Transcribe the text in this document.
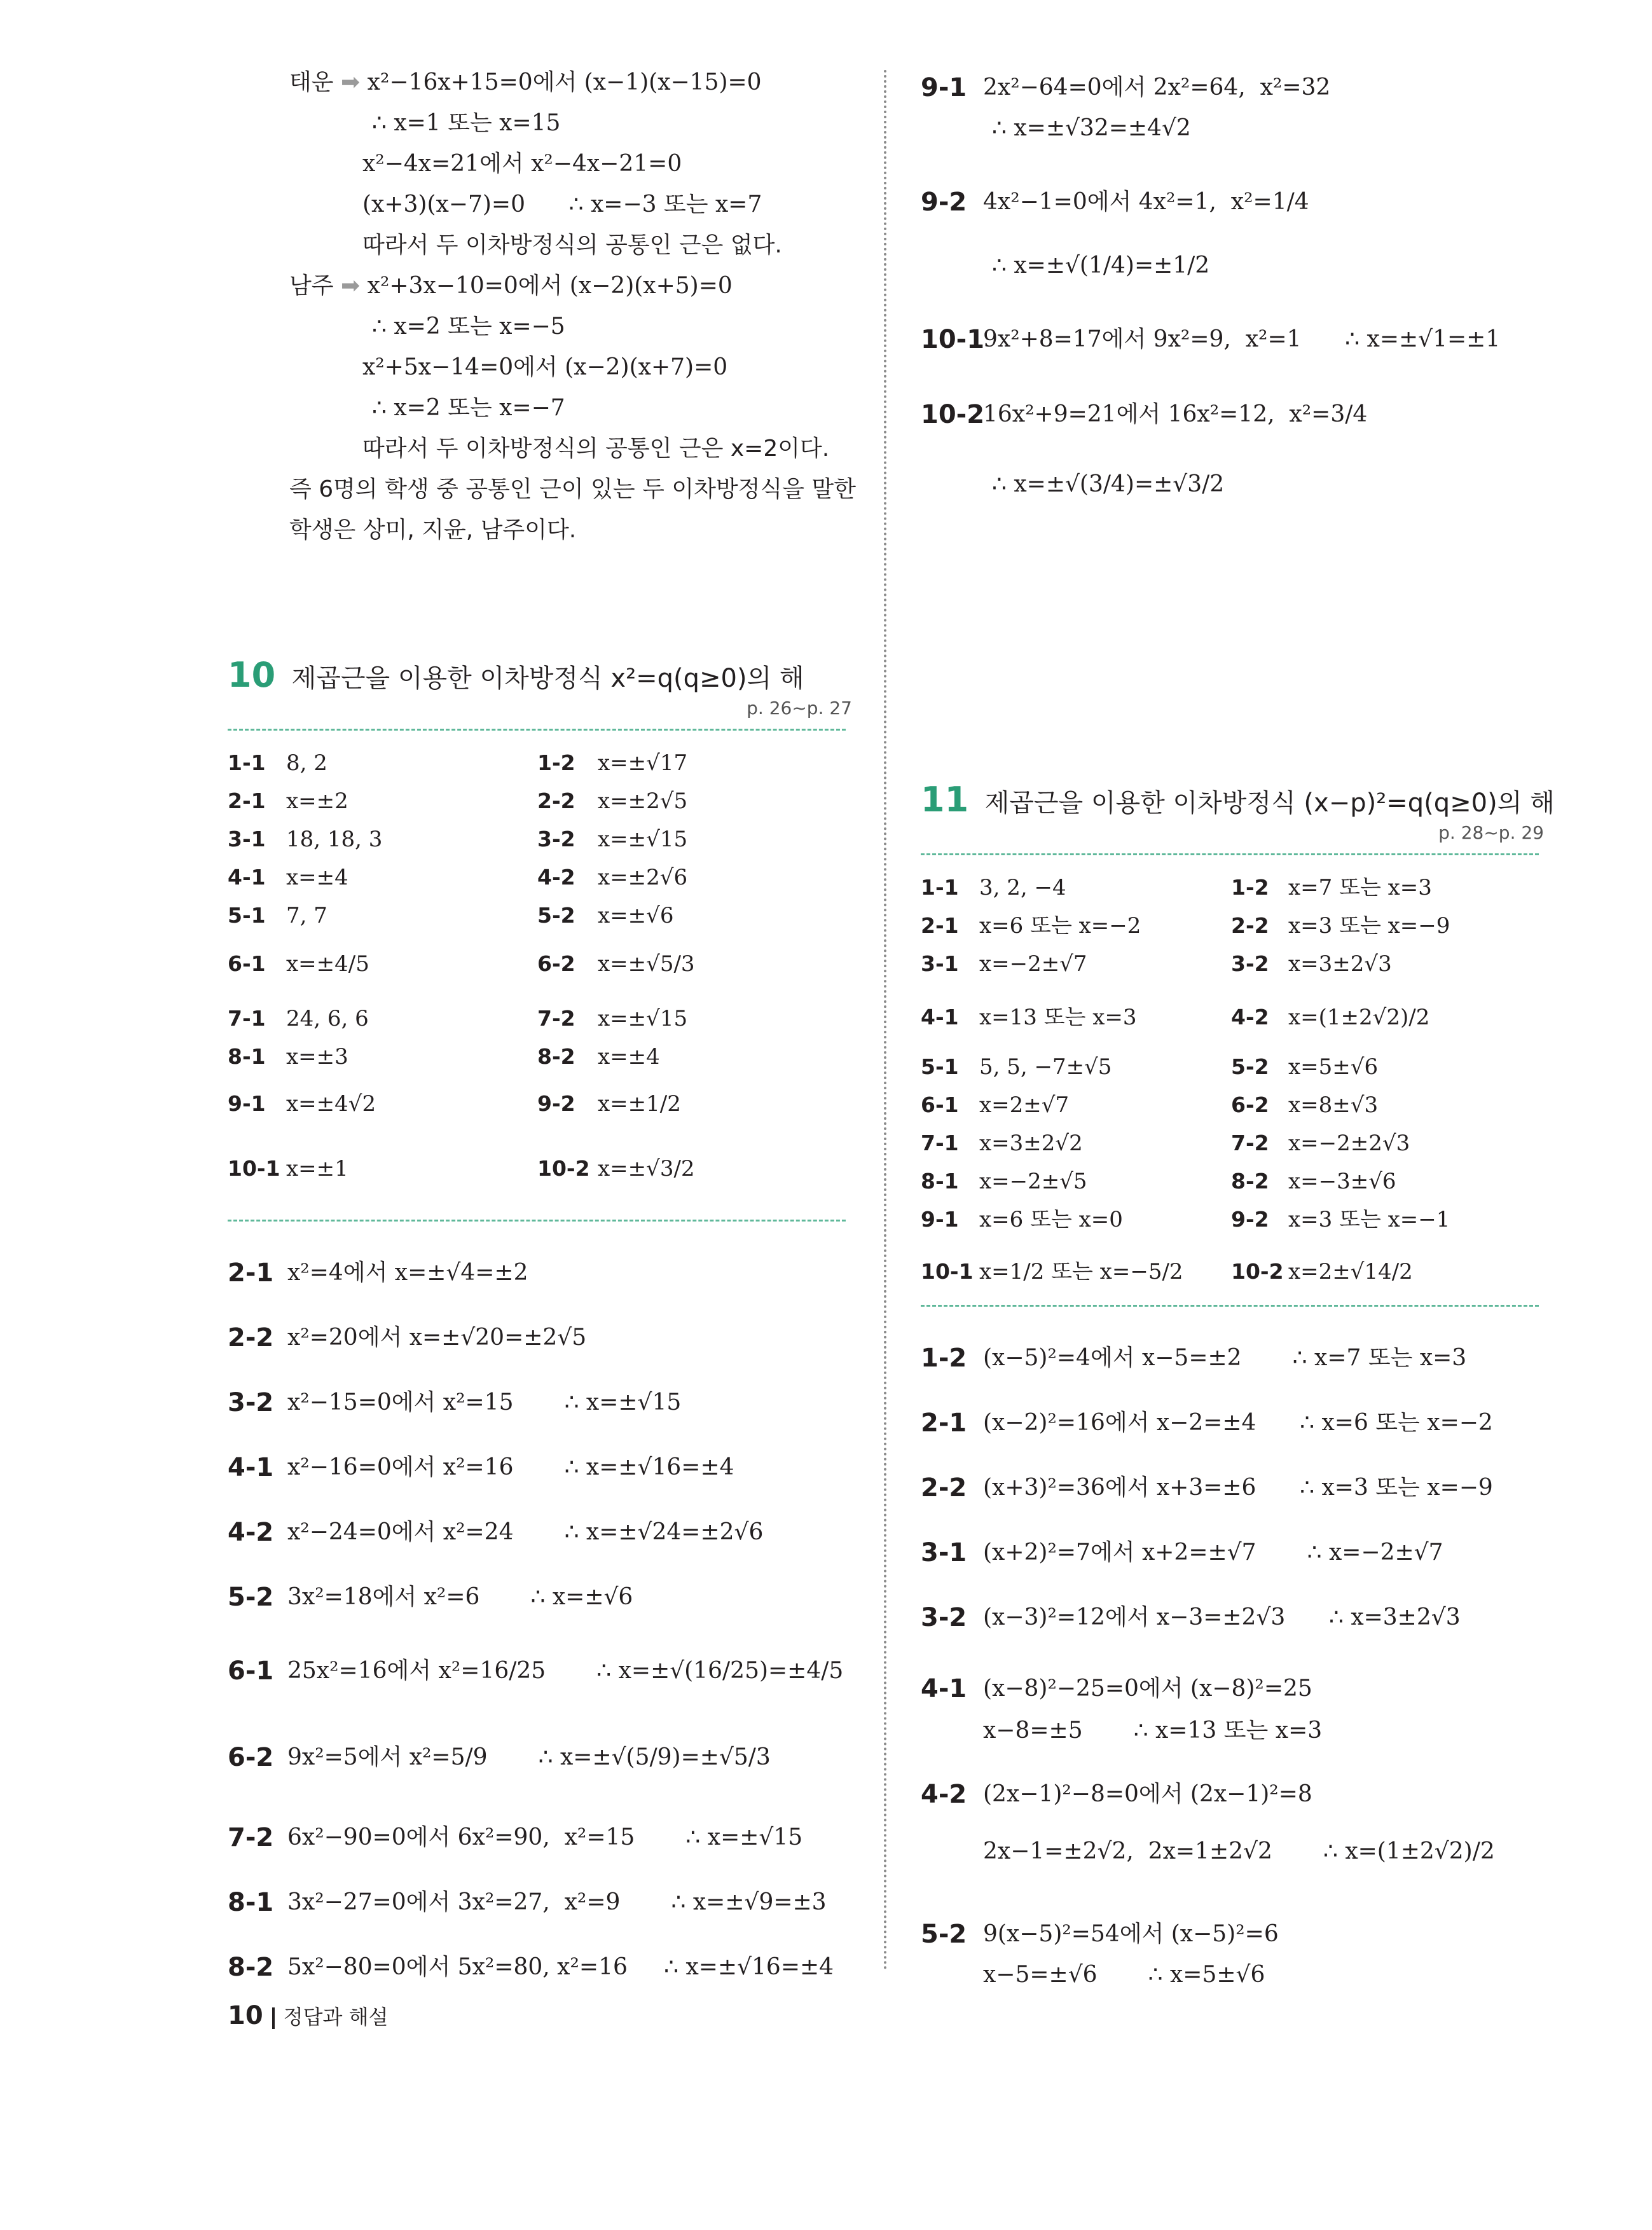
태운 ➡ x²−16x+15=0에서 (x−1)(x−15)=0
∴ x=1 또는 x=15
x²−4x=21에서 x²−4x−21=0
(x+3)(x−7)=0      ∴ x=−3 또는 x=7
따라서 두 이차방정식의 공통인 근은 없다.
남주 ➡ x²+3x−10=0에서 (x−2)(x+5)=0
∴ x=2 또는 x=−5
x²+5x−14=0에서 (x−2)(x+7)=0
∴ x=2 또는 x=−7
따라서 두 이차방정식의 공통인 근은 x=2이다.
즉 6명의 학생 중 공통인 근이 있는 두 이차방정식을 말한
학생은 상미, 지윤, 남주이다.
10 제곱근을 이용한 이차방정식 x²=q(q≥0)의 해
p. 26~p. 27
1-1 8, 2	1-2 x=±√17
2-1 x=±2	2-2 x=±2√5
3-1 18, 18, 3	3-2 x=±√15
4-1 x=±4	4-2 x=±2√6
5-1 7, 7	5-2 x=±√6
6-1 x=±4/5	6-2 x=±√5/3
7-1 24, 6, 6	7-2 x=±√15
8-1 x=±3	8-2 x=±4
9-1 x=±4√2	9-2 x=±1/2
10-1 x=±1	10-2 x=±√3/2
2-1 x²=4에서 x=±√4=±2
2-2 x²=20에서 x=±√20=±2√5
3-2 x²−15=0에서 x²=15       ∴ x=±√15
4-1 x²−16=0에서 x²=16       ∴ x=±√16=±4
4-2 x²−24=0에서 x²=24       ∴ x=±√24=±2√6
5-2 3x²=18에서 x²=6       ∴ x=±√6
6-1 25x²=16에서 x²=16/25       ∴ x=±√(16/25)=±4/5
6-2 9x²=5에서 x²=5/9       ∴ x=±√(5/9)=±√5/3
7-2 6x²−90=0에서 6x²=90,  x²=15       ∴ x=±√15
8-1 3x²−27=0에서 3x²=27,  x²=9       ∴ x=±√9=±3
8-2 5x²−80=0에서 5x²=80, x²=16     ∴ x=±√16=±4
10 정답과 해설
9-1 2x²−64=0에서 2x²=64,  x²=32
∴ x=±√32=±4√2
9-2 4x²−1=0에서 4x²=1,  x²=1/4
∴ x=±√(1/4)=±1/2
10-1
9x²+8=17에서 9x²=9,  x²=1      ∴ x=±√1=±1
10-2
16x²+9=21에서 16x²=12,  x²=3/4
∴ x=±√(3/4)=±√3/2
11 제곱근을 이용한 이차방정식 (x−p)²=q(q≥0)의 해
p. 28~p. 29
1-1 3, 2, −4	1-2 x=7 또는 x=3
2-1 x=6 또는 x=−2	2-2 x=3 또는 x=−9
3-1 x=−2±√7	3-2 x=3±2√3
4-1 x=13 또는 x=3	4-2 x=(1±2√2)/2
5-1 5, 5, −7±√5	5-2 x=5±√6
6-1 x=2±√7	6-2 x=8±√3
7-1 x=3±2√2	7-2 x=−2±2√3
8-1 x=−2±√5	8-2 x=−3±√6
9-1 x=6 또는 x=0	9-2 x=3 또는 x=−1
10-1 x=1/2 또는 x=−5/2 10-2 x=2±√14/2
1-2 (x−5)²=4에서 x−5=±2       ∴ x=7 또는 x=3
2-1 (x−2)²=16에서 x−2=±4      ∴ x=6 또는 x=−2
2-2 (x+3)²=36에서 x+3=±6      ∴ x=3 또는 x=−9
3-1 (x+2)²=7에서 x+2=±√7       ∴ x=−2±√7
3-2 (x−3)²=12에서 x−3=±2√3      ∴ x=3±2√3
4-1 (x−8)²−25=0에서 (x−8)²=25
x−8=±5       ∴ x=13 또는 x=3
4-2 (2x−1)²−8=0에서 (2x−1)²=8
2x−1=±2√2,  2x=1±2√2       ∴ x=(1±2√2)/2
5-2 9(x−5)²=54에서 (x−5)²=6
x−5=±√6       ∴ x=5±√6
